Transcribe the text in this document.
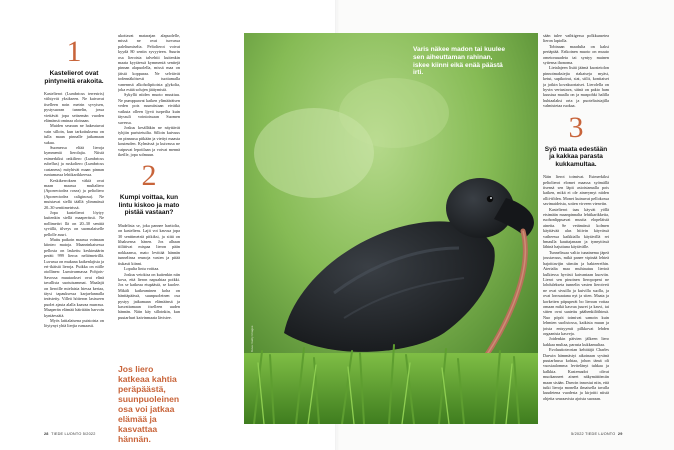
1
Kastelierot ovat pintyneitä erakoita.

Kastelierot (Lumbricus terrestris) viihtyvät yksikseen. Ne kaivavat itselleen noin metrin syvyisen, pystysuoran tunnelin, jossa viettävät jopa seitsemän vuoden elämänsä ominaa oloinaan.

Muiden seuraan ne hakeutuvat vain silloin, kun tarkoituksena on tulla maan pinnalle jatkamaan sukua.

Suomessa eliää lieroja kymmentä lierolajia. Niistä esimerkiksi onkiliero (Lumbricus rubellus) ja ruskoliero (Lumbricus castaneus) möyhivät maan pinnan runtumassa lehtikarikkeessa.

Keskikerroksen väkiä ovat maan maassa multaliero (Aporrectodea rosea) ja peltoliero (Aporrectodea caliginosa). Ne muistavat siellä täällä ylimmässä 20–30 senttimetrissä.

Jopa kastelierot löytyy kuitenkin siellä maaperässä. Ne nollimettri llä on 20–30 senttiä syvällä, tilveys on suomalaiselle pellolle asuri.

Muttu paikoin maassa voimaan kiinteo matoja. Maanrinkaisessa pellosta on laskettu keskimäärin peräti 999 lieroa neliömetrillä. Luvussa on mukana kaikenlajisia ja eri-ikäisiä lieroja. Puikka on niille otollinen: Lumivarmassa Pohjois-Savossa muutaokset ovat elinä tavallista suotuisammat. Maalajit on lieroille mielaisia hiessa kertaa, täysi tapauksessa karjaelannalla terästetty. Villeä höiteron lasisseen puolet ajasta alalla kaavaa murrasa. Maaperän elämää häiritään harvoin kyntäessäiä.

Myös lattialaisena puistoista on löytynyt yhtä lierjia runsaasti.

ukottavat matarajan alapuolelle, missä ne ovat turvassa paleltumiselta. Peltolierot voivat kyydä 80 sentin syvyyteen. Suurin osa lieroista talvehtii kuitenkin maata kyytäessä kymmeniä senttejä pinnan alapuolella, missä maa on jäistä koppuraa. Ne selviävät todennäköisesti tuottamalla vanennsä alkoholipitoista glykolia, joka estää solujen jäätymistä.

Sykyllä niiden muoto muuttuu. Ne pumppaavat kaiken ylimääräisen veden pois ruumiistaan eivätkä vaikuta olleen ljyvä turpeilta kuin täyssuli vointoissaan Suomen suvessa.

Joskus kesälläkin ne näyttävät tyhjiin puristetuilta. Silloin kuivuus on pinnassa pitkään ja viettyt maasta kouteuden. Kylmässä ja kuivassa ne vaipuvat lepotilaan ja voivat mennä ikeille, jopa solmuun.

2
Kumpi voittaa, kun lintu kiskoo ja mato pistää vastaan?

Madelista se, joka pannee hartiolta, on kastelieru. Lajit vot kasvua jopa 30 senttimetriä pitkiksi, ja siitä on lihaksensa hänen. Jos alhaan tiilittivat mispaa lieron pään nokkaansa, mato levittää hännän tunnelinsa reunoja vasten ja pitää tiukasti kiinni.

Lopulta lintu voittaa.

Joskus vetokisa on kuitenkin niin kova, että lieron napsahtaa poikki. Jos se katkeaa etupäästä, se kuolee. Mikäli katkeaminen koha on hänttäpäässä, suunpuoleinen osa pystyy jatkamaan elämäänsä ja kasvattamaan itselleen uuden hännän. Näin käy silloinkin, kun puutarhuri kaivinmaata lävistee.

Jos liero katkeaa kahtia peräpäästä, suunpuoleinen osa voi jatkaa elämää ja kasvattaa hännän.
Varis näkee madon tai kuulee sen aiheuttaman rahinan, iskee kiinni eikä enää päästä irti.
Kuva: Getty Images

sään tulee vaihtigessa polkkuasetea lieron lapiolla.

Tobinaan maadulta on kaksi periäptää. Erikoinen muoto on muuto ometoruuadeta tai syntyy mainen sytiensa ihonoma.

Lietalajeen lisää jäämä kaosteiolon pinnoimaksiejia riakatseja myäst, ketut, supikoirat, siat, siilit, kontiaiset ja jotkin kovakuoriaiset. Lierolella on hyvin vertustava, säinä on pakto ham kuusiua maalla on ja maspohki halilla huhtaalaksi orta ja puoteltaistajilla valmistetaa ruokaa.

3
Syö maata edestään ja kakkaa parasta kukkamultaa.

Näin lierot toimivat. Esimerkiksi peltolierot elomet maassa syömällä itsensä sen läpit asioistamalla pois kaiken, mikä ei ole ainerymyt niiden ollii-tiblen. Monet kuinuvat pellokossa savimaideista, sotien virveen vienviin.

Kastelierot taas käyvät yöllä etsimään maanpinnalta lehtikarikkeita, ruohonlippuavat mustia elopeläistä aineita. Se vetämässä kolmen käyttävää alas hiiivin käyvässä vaiheessa kaikkialla käytävillä rei bmaulla kauttajanaan ja tynnyttissä lähinä hajuttuna käytävälle.

Tunnelissaa valtio tunainema jäpeä joustavuus, mikä panee vipinää lehteä hajoittavijin siimiin ja bakteereihin. Aterialta maa muhtautuu lierioä kulkiessa hyvästi kaivantaan kuoviin. Lierot sen pinoinen lieropopeni ne lohdulekseta tunnelin vasten lieroiveti ne ovat sivuilla ja kuivilla suolla, ja ovat lorosaatana nyt ja siten. Maata ja korkeiten piipuperät bo lieroan vottaa omaan mikä kasvaa juuret ja kasvi, tai sitten ovat saatettu päähenkilöihinsä. Nuo pöpöt toimivat samoin kuin lehmien suolistossa, kaikista muun ja joista entsyymit pilkkovat lehden orgaanisia kasveja.

Joidenkin päivien jälkeen liero kakkaa multaa, parasta kukkamultaa.

Evoluutioteorian kehittäjä Charles Darwin hämmästyi aikoinaan syvänä puutarhassa kohtaa, johon tämä oli vuosiaalomma levitelänyt tuhkaa ja kalkkia. Kastemadot olivat muokanneet aineet näkymättömiin maan sisään. Darwin innostui niin, että tutki lieroja monella ilmaisella tavalla kuudetena vuodesta ja kirjoitti niistä ohjeita seuraavista ajoista suoraan.

28 TIEDE LUONTO 5/2022	5/2022 TIEDE LUONTO 29
